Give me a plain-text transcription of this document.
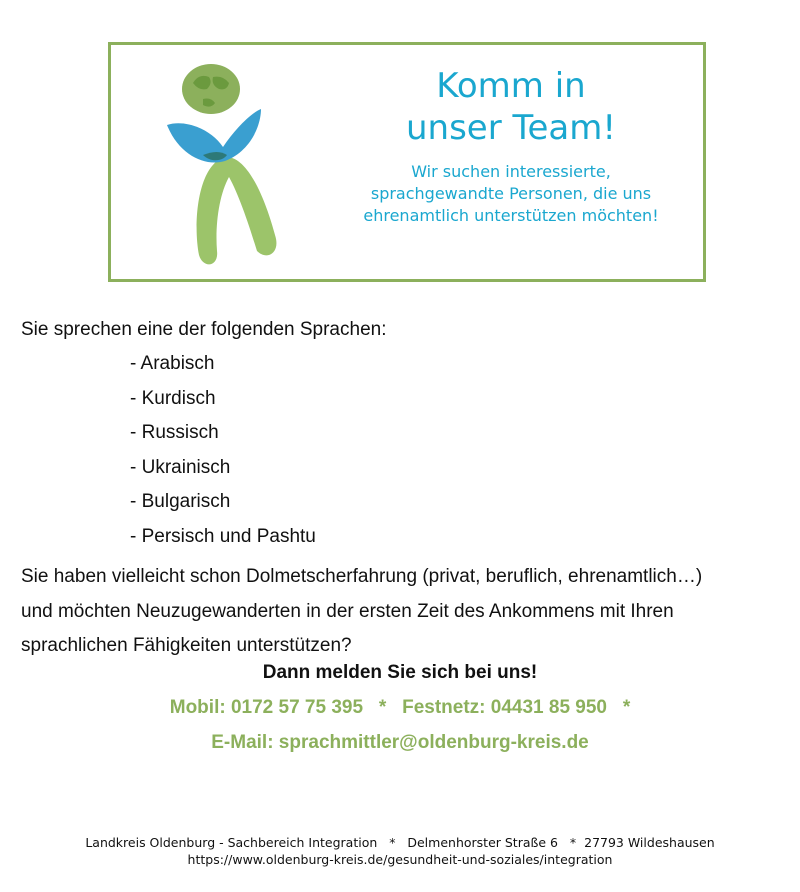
Komm in
unser Team!
Wir suchen interessierte,
sprachgewandte Personen, die uns
ehrenamtlich unterstützen möchten!
Sie sprechen eine der folgenden Sprachen:
- Arabisch
- Kurdisch
- Russisch
- Ukrainisch
- Bulgarisch
- Persisch und Pashtu
Sie haben vielleicht schon Dolmetscherfahrung (privat, beruflich, ehrenamtlich…)
und möchten Neuzugewanderten in der ersten Zeit des Ankommens mit Ihren
sprachlichen Fähigkeiten unterstützen?
Dann melden Sie sich bei uns!
Mobil: 0172 57 75 395   *   Festnetz: 04431 85 950   *
E-Mail: sprachmittler@oldenburg-kreis.de
Landkreis Oldenburg - Sachbereich Integration   *   Delmenhorster Straße 6   *  27793 Wildeshausen
https://www.oldenburg-kreis.de/gesundheit-und-soziales/integration
